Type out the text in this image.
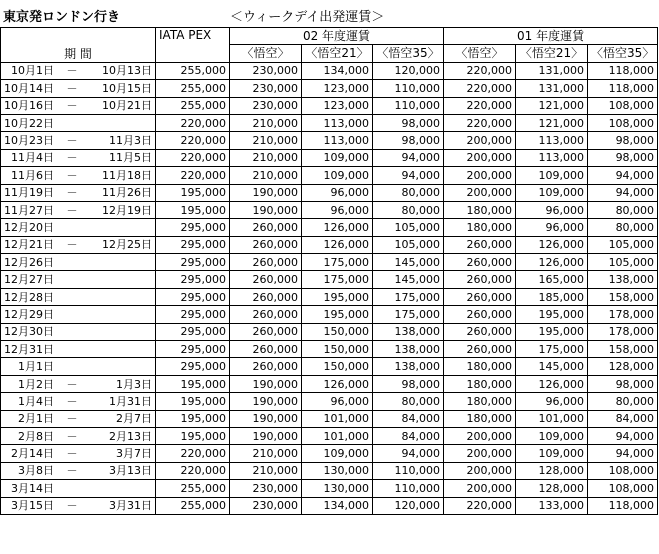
東京発ロンドン行き	＜ウィークデイ出発運賃＞
期 間	IATA PEX	02 年度運賃			01 年度運賃		
		〈悟空〉	〈悟空21〉	〈悟空35〉	〈悟空〉	〈悟空21〉	〈悟空35〉

10月1日 － 10月13日	255,000	230,000	134,000	120,000	220,000	131,000	118,000

10月14日 － 10月15日	255,000	230,000	123,000	110,000	220,000	131,000	118,000

10月16日 － 10月21日	255,000	230,000	123,000	110,000	220,000	121,000	108,000

10月22日	220,000	210,000	113,000	98,000	220,000	121,000	108,000

10月23日 － 11月3日	220,000	210,000	113,000	98,000	200,000	113,000	98,000

11月4日 － 11月5日	220,000	210,000	109,000	94,000	200,000	113,000	98,000

11月6日 － 11月18日	220,000	210,000	109,000	94,000	200,000	109,000	94,000

11月19日 － 11月26日	195,000	190,000	96,000	80,000	200,000	109,000	94,000

11月27日 － 12月19日	195,000	190,000	96,000	80,000	180,000	96,000	80,000

12月20日	295,000	260,000	126,000	105,000	180,000	96,000	80,000

12月21日 － 12月25日	295,000	260,000	126,000	105,000	260,000	126,000	105,000

12月26日	295,000	260,000	175,000	145,000	260,000	126,000	105,000

12月27日	295,000	260,000	175,000	145,000	260,000	165,000	138,000

12月28日	295,000	260,000	195,000	175,000	260,000	185,000	158,000

12月29日	295,000	260,000	195,000	175,000	260,000	195,000	178,000

12月30日	295,000	260,000	150,000	138,000	260,000	195,000	178,000

12月31日	295,000	260,000	150,000	138,000	260,000	175,000	158,000

1月1日	295,000	260,000	150,000	138,000	180,000	145,000	128,000

1月2日 － 1月3日	195,000	190,000	126,000	98,000	180,000	126,000	98,000

1月4日 － 1月31日	195,000	190,000	96,000	80,000	180,000	96,000	80,000

2月1日 － 2月7日	195,000	190,000	101,000	84,000	180,000	101,000	84,000

2月8日 － 2月13日	195,000	190,000	101,000	84,000	200,000	109,000	94,000

2月14日 － 3月7日	220,000	210,000	109,000	94,000	200,000	109,000	94,000

3月8日 － 3月13日	220,000	210,000	130,000	110,000	200,000	128,000	108,000

3月14日	255,000	230,000	130,000	110,000	200,000	128,000	108,000

3月15日 － 3月31日	255,000	230,000	134,000	120,000	220,000	133,000	118,000
